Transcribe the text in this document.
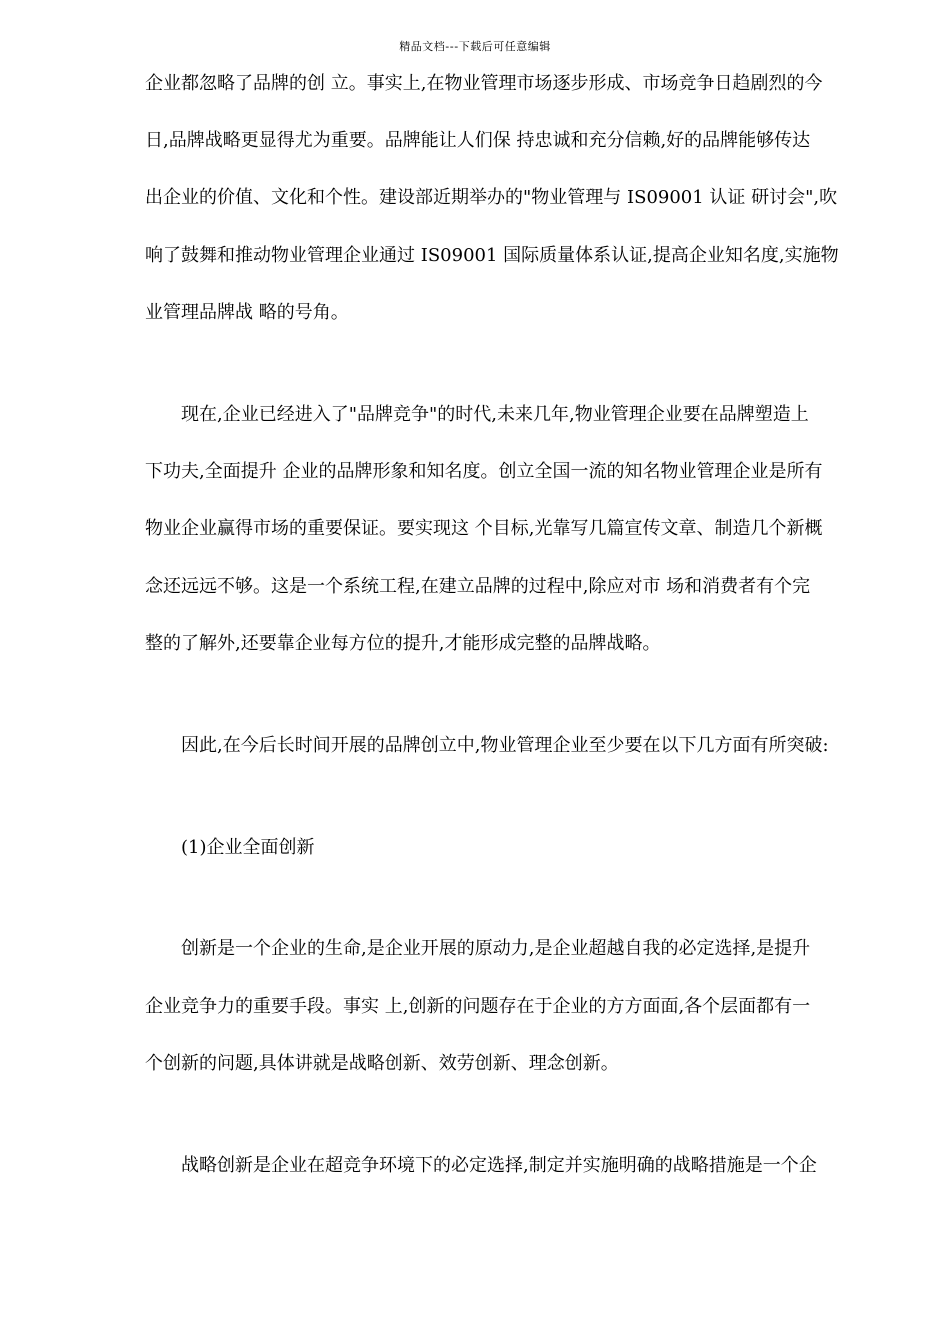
精品文档---下载后可任意编辑
企业都忽略了品牌的创 立。事实上,在物业管理市场逐步形成、市场竞争日趋剧烈的今
日,品牌战略更显得尤为重要。品牌能让人们保 持忠诚和充分信赖,好的品牌能够传达
出企业的价值、文化和个性。建设部近期举办的"物业管理与 IS09001 认证 研讨会",吹
响了鼓舞和推动物业管理企业通过 IS09001 国际质量体系认证,提高企业知名度,实施物
业管理品牌战 略的号角。
　　现在,企业已经进入了"品牌竞争"的时代,未来几年,物业管理企业要在品牌塑造上
下功夫,全面提升 企业的品牌形象和知名度。创立全国一流的知名物业管理企业是所有
物业企业赢得市场的重要保证。要实现这 个目标,光靠写几篇宣传文章、制造几个新概
念还远远不够。这是一个系统工程,在建立品牌的过程中,除应对市 场和消费者有个完
整的了解外,还要靠企业每方位的提升,才能形成完整的品牌战略。
　　因此,在今后长时间开展的品牌创立中,物业管理企业至少要在以下几方面有所突破:
　　(1)企业全面创新
　　创新是一个企业的生命,是企业开展的原动力,是企业超越自我的必定选择,是提升
企业竞争力的重要手段。事实 上,创新的问题存在于企业的方方面面,各个层面都有一
个创新的问题,具体讲就是战略创新、效劳创新、理念创新。
　　战略创新是企业在超竞争环境下的必定选择,制定并实施明确的战略措施是一个企
